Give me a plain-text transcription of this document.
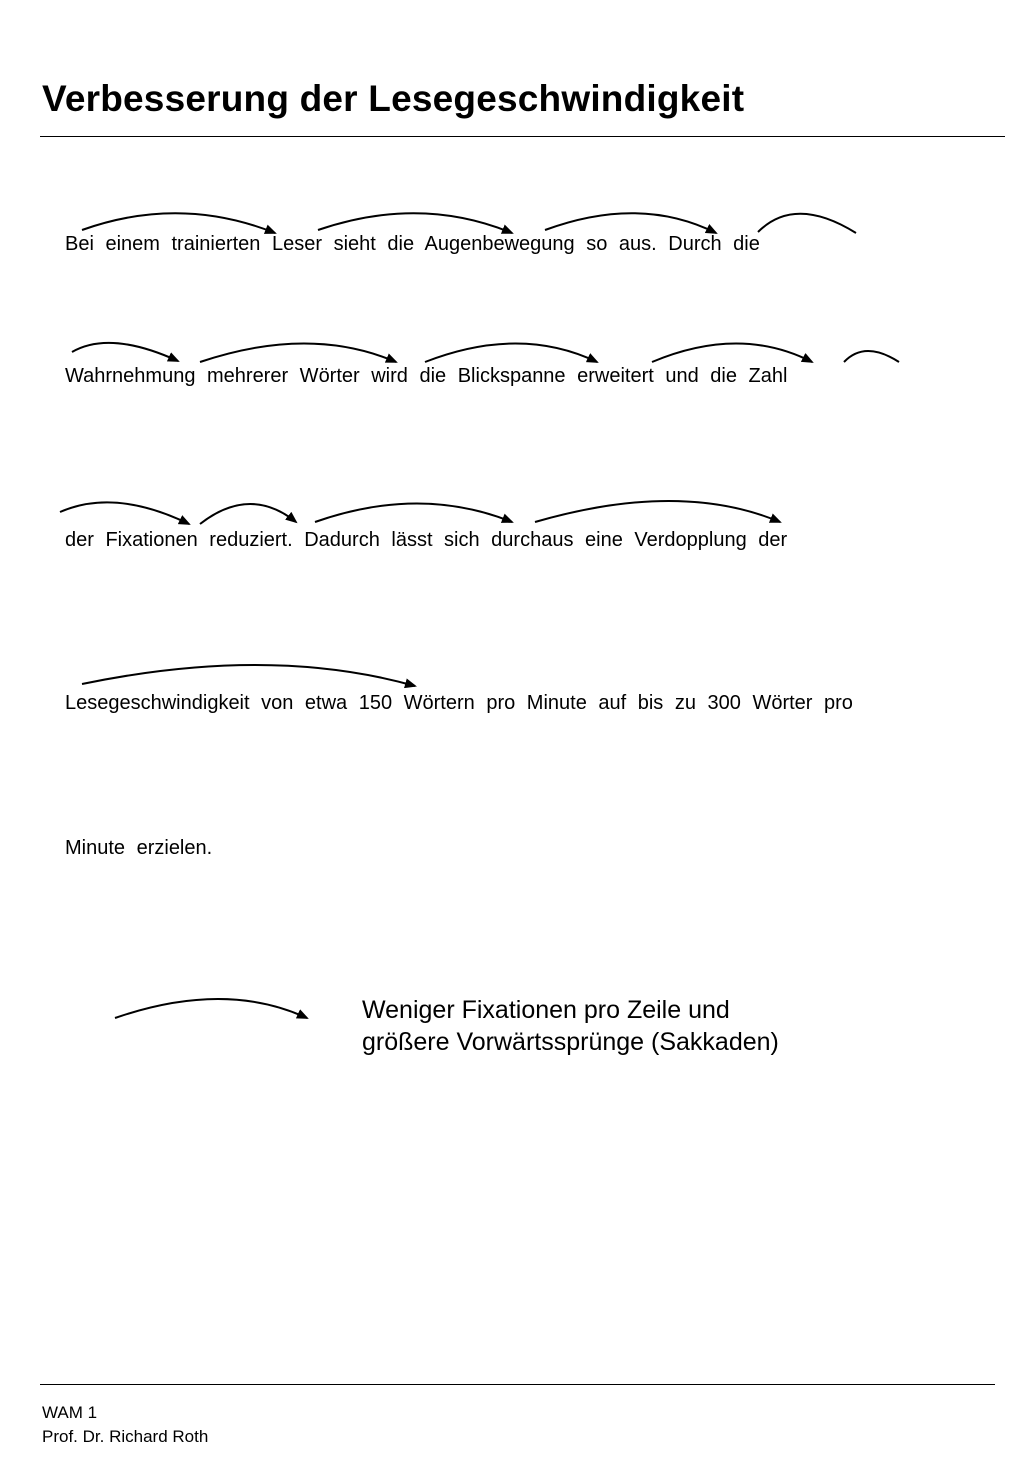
Verbesserung der Lesegeschwindigkeit
Bei einem trainierten Leser sieht die Augenbewegung so aus. Durch die
Wahrnehmung mehrerer Wörter wird die Blickspanne erweitert und die Zahl
der Fixationen reduziert. Dadurch lässt sich durchaus eine Verdopplung der
Lesegeschwindigkeit von etwa 150 Wörtern pro Minute auf bis zu 300 Wörter pro
Minute erzielen.
Weniger Fixationen pro Zeile und
größere Vorwärtssprünge (Sakkaden)
WAM 1
Prof. Dr. Richard Roth
